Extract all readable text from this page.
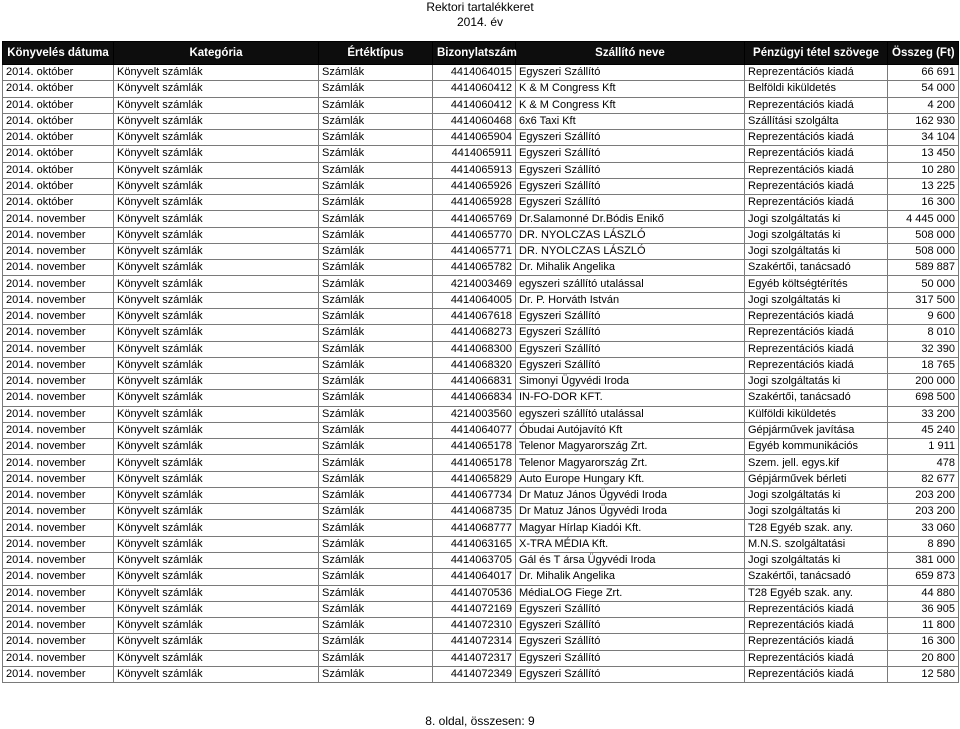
Rektori tartalékkeret
2014. év
Könyvelés dátuma	Kategória	Értéktípus	Bizonylatszám	Szállító neve	Pénzügyi tétel szövege	Összeg (Ft)
2014. október	Könyvelt számlák	Számlák	4414064015	Egyszeri Szállító	Reprezentációs kiadá	66 691
2014. október	Könyvelt számlák	Számlák	4414060412	K & M Congress Kft	Belföldi kiküldetés	54 000
2014. október	Könyvelt számlák	Számlák	4414060412	K & M Congress Kft	Reprezentációs kiadá	4 200
2014. október	Könyvelt számlák	Számlák	4414060468	6x6 Taxi Kft	Szállítási szolgálta	162 930
2014. október	Könyvelt számlák	Számlák	4414065904	Egyszeri Szállító	Reprezentációs kiadá	34 104
2014. október	Könyvelt számlák	Számlák	4414065911	Egyszeri Szállító	Reprezentációs kiadá	13 450
2014. október	Könyvelt számlák	Számlák	4414065913	Egyszeri Szállító	Reprezentációs kiadá	10 280
2014. október	Könyvelt számlák	Számlák	4414065926	Egyszeri Szállító	Reprezentációs kiadá	13 225
2014. október	Könyvelt számlák	Számlák	4414065928	Egyszeri Szállító	Reprezentációs kiadá	16 300
2014. november	Könyvelt számlák	Számlák	4414065769	Dr.Salamonné Dr.Bódis Enikő	Jogi szolgáltatás ki	4 445 000
2014. november	Könyvelt számlák	Számlák	4414065770	DR. NYOLCZAS LÁSZLÓ	Jogi szolgáltatás ki	508 000
2014. november	Könyvelt számlák	Számlák	4414065771	DR. NYOLCZAS LÁSZLÓ	Jogi szolgáltatás ki	508 000
2014. november	Könyvelt számlák	Számlák	4414065782	Dr. Mihalik Angelika	Szakértői, tanácsadó	589 887
2014. november	Könyvelt számlák	Számlák	4214003469	egyszeri szállító utalással	Egyéb költségtérítés	50 000
2014. november	Könyvelt számlák	Számlák	4414064005	Dr. P. Horváth István	Jogi szolgáltatás ki	317 500
2014. november	Könyvelt számlák	Számlák	4414067618	Egyszeri Szállító	Reprezentációs kiadá	9 600
2014. november	Könyvelt számlák	Számlák	4414068273	Egyszeri Szállító	Reprezentációs kiadá	8 010
2014. november	Könyvelt számlák	Számlák	4414068300	Egyszeri Szállító	Reprezentációs kiadá	32 390
2014. november	Könyvelt számlák	Számlák	4414068320	Egyszeri Szállító	Reprezentációs kiadá	18 765
2014. november	Könyvelt számlák	Számlák	4414066831	Simonyi Ügyvédi Iroda	Jogi szolgáltatás ki	200 000
2014. november	Könyvelt számlák	Számlák	4414066834	IN-FO-DOR KFT.	Szakértői, tanácsadó	698 500
2014. november	Könyvelt számlák	Számlák	4214003560	egyszeri szállító utalással	Külföldi kiküldetés	33 200
2014. november	Könyvelt számlák	Számlák	4414064077	Óbudai Autójavító Kft	Gépjárművek javítása	45 240
2014. november	Könyvelt számlák	Számlák	4414065178	Telenor Magyarország Zrt.	Egyéb kommunikációs	1 911
2014. november	Könyvelt számlák	Számlák	4414065178	Telenor Magyarország Zrt.	Szem. jell. egys.kif	478
2014. november	Könyvelt számlák	Számlák	4414065829	Auto Europe Hungary Kft.	Gépjárművek bérleti	82 677
2014. november	Könyvelt számlák	Számlák	4414067734	Dr Matuz János Ügyvédi Iroda	Jogi szolgáltatás ki	203 200
2014. november	Könyvelt számlák	Számlák	4414068735	Dr Matuz János Ügyvédi Iroda	Jogi szolgáltatás ki	203 200
2014. november	Könyvelt számlák	Számlák	4414068777	Magyar Hírlap Kiadói Kft.	T28 Egyéb szak. any.	33 060
2014. november	Könyvelt számlák	Számlák	4414063165	X-TRA MÉDIA Kft.	M.N.S. szolgáltatási	8 890
2014. november	Könyvelt számlák	Számlák	4414063705	Gál és T ársa Ügyvédi Iroda	Jogi szolgáltatás ki	381 000
2014. november	Könyvelt számlák	Számlák	4414064017	Dr. Mihalik Angelika	Szakértői, tanácsadó	659 873
2014. november	Könyvelt számlák	Számlák	4414070536	MédiaLOG Fiege Zrt.	T28 Egyéb szak. any.	44 880
2014. november	Könyvelt számlák	Számlák	4414072169	Egyszeri Szállító	Reprezentációs kiadá	36 905
2014. november	Könyvelt számlák	Számlák	4414072310	Egyszeri Szállító	Reprezentációs kiadá	11 800
2014. november	Könyvelt számlák	Számlák	4414072314	Egyszeri Szállító	Reprezentációs kiadá	16 300
2014. november	Könyvelt számlák	Számlák	4414072317	Egyszeri Szállító	Reprezentációs kiadá	20 800
2014. november	Könyvelt számlák	Számlák	4414072349	Egyszeri Szállító	Reprezentációs kiadá	12 580
8. oldal, összesen: 9
